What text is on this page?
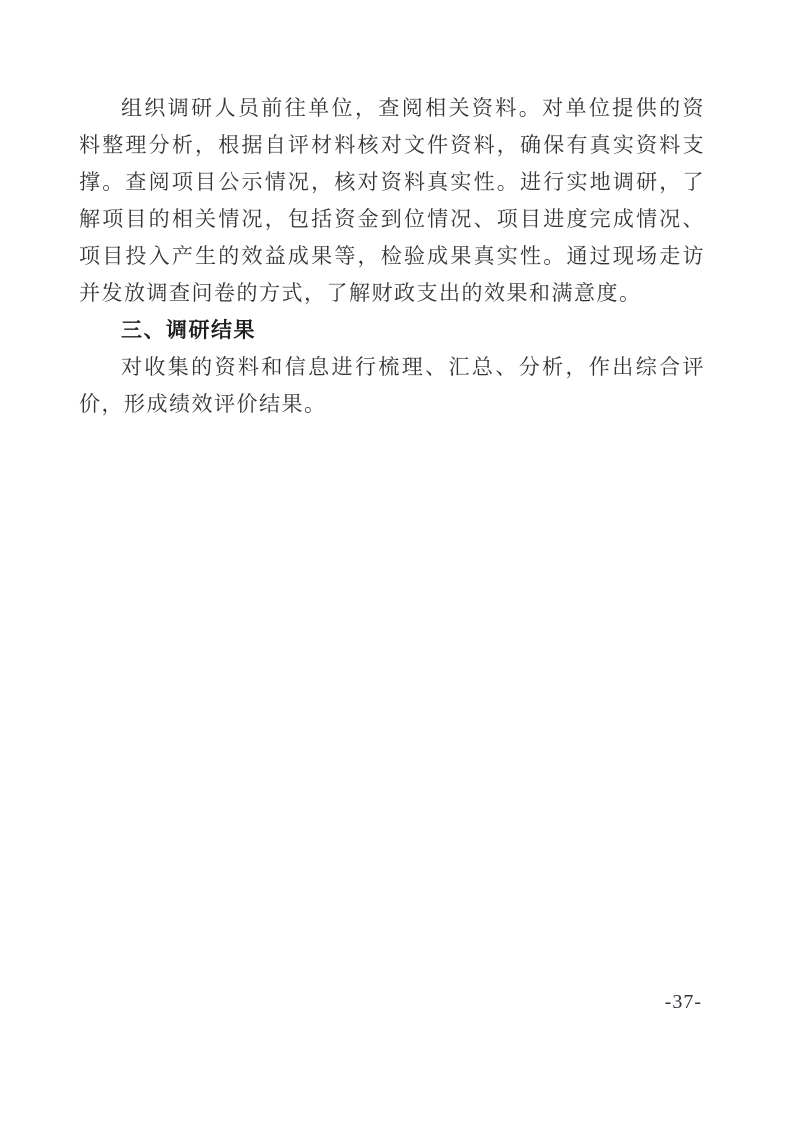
组织调研人员前往单位，查阅相关资料。对单位提供的资料整理分析，根据自评材料核对文件资料，确保有真实资料支撑。查阅项目公示情况，核对资料真实性。进行实地调研，了解项目的相关情况，包括资金到位情况、项目进度完成情况、项目投入产生的效益成果等，检验成果真实性。通过现场走访并发放调查问卷的方式，了解财政支出的效果和满意度。

三、调研结果

对收集的资料和信息进行梳理、汇总、分析，作出综合评价，形成绩效评价结果。

-37-
